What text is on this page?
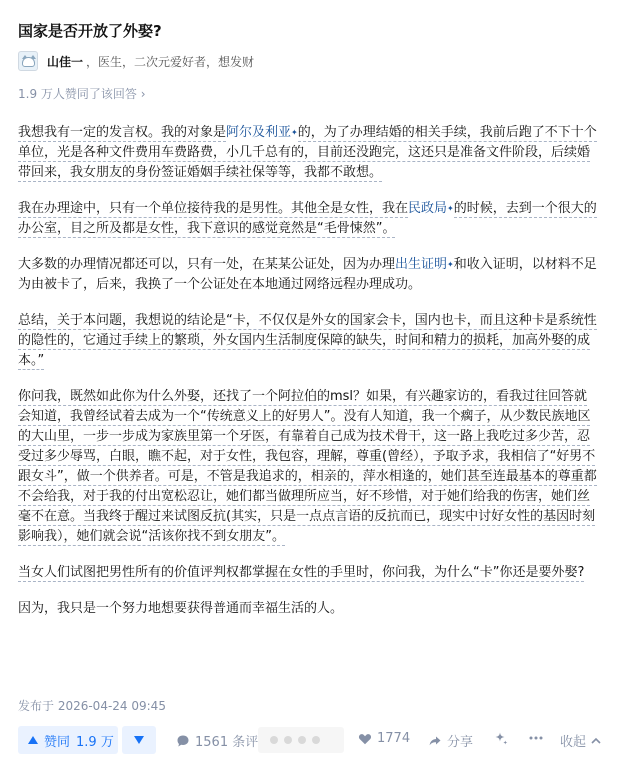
国家是否开放了外娶?
山佳一 ，医生，二次元爱好者，想发财
1.9 万人赞同了该回答 ›

我想我有一定的发言权。我的对象是阿尔及利亚✦的，为了办理结婚的相关手续，我前后跑了不下十个单位，光是各种文件费用车费路费，小几千总有的，目前还没跑完，这还只是准备文件阶段，后续婚带回来，我女朋友的身份签证婚姻手续社保等等，我都不敢想。

我在办理途中，只有一个单位接待我的是男性。其他全是女性，我在民政局✦的时候，去到一个很大的办公室，目之所及都是女性，我下意识的感觉竟然是“毛骨悚然”。

大多数的办理情况都还可以，只有一处，在某某公证处，因为办理出生证明✦和收入证明，以材料不足为由被卡了，后来，我换了一个公证处在本地通过网络远程办理成功。

总结，关于本问题，我想说的结论是“卡，不仅仅是外女的国家会卡，国内也卡，而且这种卡是系统性的隐性的，它通过手续上的繁琐，外女国内生活制度保障的缺失，时间和精力的损耗，加高外娶的成本。”

你问我，既然如此你为什么外娶，还找了一个阿拉伯的msl？如果，有兴趣家访的，看我过往回答就会知道，我曾经试着去成为一个“传统意义上的好男人”。没有人知道，我一个瘸子，从少数民族地区的大山里，一步一步成为家族里第一个牙医，有靠着自己成为技术骨干，这一路上我吃过多少苦，忍受过多少辱骂，白眼，瞧不起，对于女性，我包容，理解，尊重(曾经），予取予求，我相信了“好男不跟女斗”，做一个供养者。可是，不管是我追求的，相亲的，萍水相逢的，她们甚至连最基本的尊重都不会给我，对于我的付出宽松忍让，她们都当做理所应当，好不珍惜，对于她们给我的伤害，她们丝毫不在意。当我终于醒过来试图反抗(其实，只是一点点言语的反抗而已，现实中讨好女性的基因时刻影响我），她们就会说“活该你找不到女朋友”。

当女人们试图把男性所有的价值评判权都掌握在女性的手里时，你问我，为什么“卡”你还是要外娶?

因为，我只是一个努力地想要获得普通而幸福生活的人。

发布于 2026-04-24 09:45
赞同 1.9 万	1561 条评	1774	分享	收起
